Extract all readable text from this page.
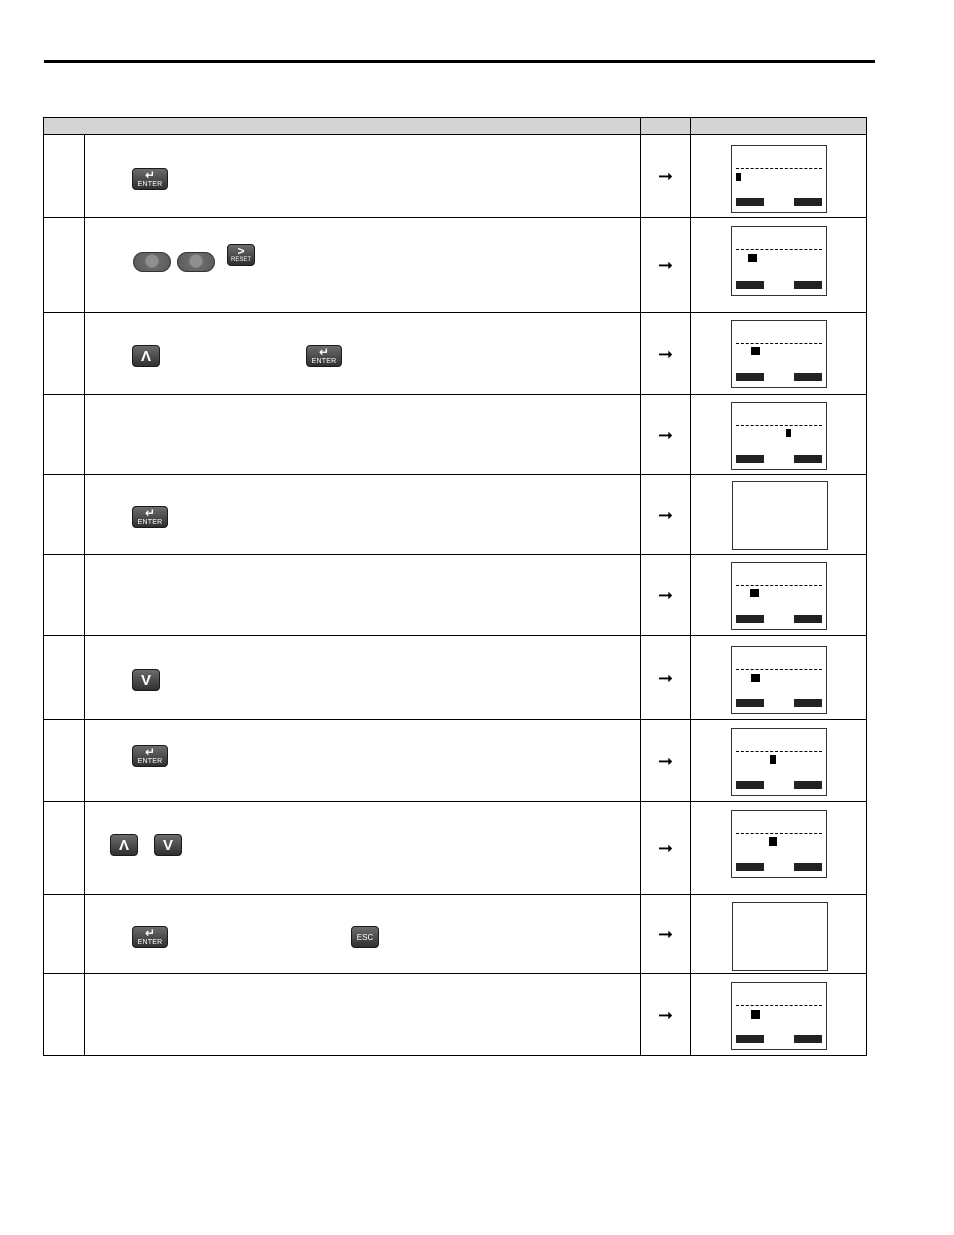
	↵
ENTER	➞	

	>
RESET	➞	

	Λ ↵
ENTER	➞	

		➞	

	↵
ENTER	➞	

		➞	

	V	➞	

	↵
ENTER	➞	

	Λ V	➞	

	↵
ENTER
ESC	➞	

		➞	
